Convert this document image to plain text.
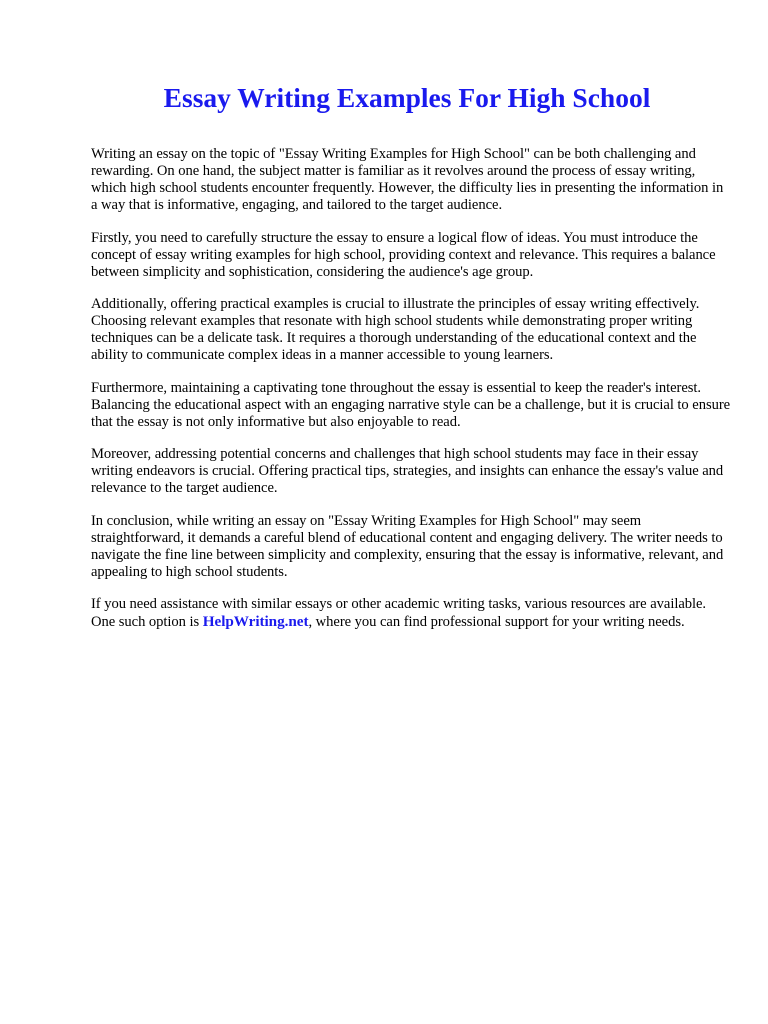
Essay Writing Examples For High School

Writing an essay on the topic of "Essay Writing Examples for High School" can be both challenging and rewarding. On one hand, the subject matter is familiar as it revolves around the process of essay writing, which high school students encounter frequently. However, the difficulty lies in presenting the information in a way that is informative, engaging, and tailored to the target audience.

Firstly, you need to carefully structure the essay to ensure a logical flow of ideas. You must introduce the concept of essay writing examples for high school, providing context and relevance. This requires a balance between simplicity and sophistication, considering the audience's age group.

Additionally, offering practical examples is crucial to illustrate the principles of essay writing effectively. Choosing relevant examples that resonate with high school students while demonstrating proper writing techniques can be a delicate task. It requires a thorough understanding of the educational context and the ability to communicate complex ideas in a manner accessible to young learners.

Furthermore, maintaining a captivating tone throughout the essay is essential to keep the reader's interest. Balancing the educational aspect with an engaging narrative style can be a challenge, but it is crucial to ensure that the essay is not only informative but also enjoyable to read.

Moreover, addressing potential concerns and challenges that high school students may face in their essay writing endeavors is crucial. Offering practical tips, strategies, and insights can enhance the essay's value and relevance to the target audience.

In conclusion, while writing an essay on "Essay Writing Examples for High School" may seem straightforward, it demands a careful blend of educational content and engaging delivery. The writer needs to navigate the fine line between simplicity and complexity, ensuring that the essay is informative, relevant, and appealing to high school students.

If you need assistance with similar essays or other academic writing tasks, various resources are available. One such option is HelpWriting.net, where you can find professional support for your writing needs.
